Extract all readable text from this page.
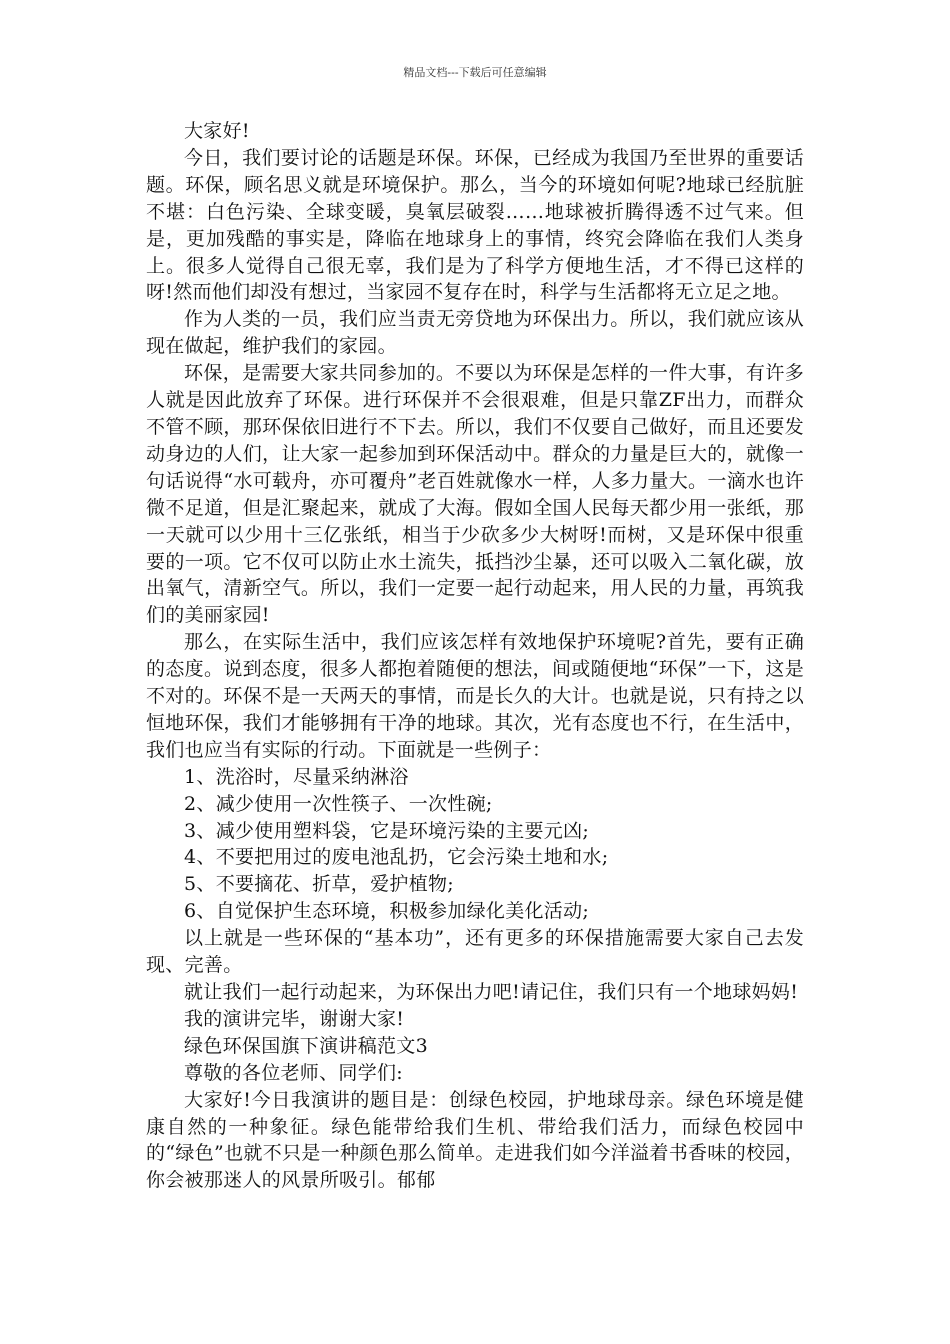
精品文档---下载后可任意编辑

大家好!

今日，我们要讨论的话题是环保。环保，已经成为我国乃至世界的重要话题。环保，顾名思义就是环境保护。那么，当今的环境如何呢?地球已经肮脏不堪：白色污染、全球变暖，臭氧层破裂……地球被折腾得透不过气来。但是，更加残酷的事实是，降临在地球身上的事情，终究会降临在我们人类身上。很多人觉得自己很无辜，我们是为了科学方便地生活，才不得已这样的呀!然而他们却没有想过，当家园不复存在时，科学与生活都将无立足之地。

作为人类的一员，我们应当责无旁贷地为环保出力。所以，我们就应该从现在做起，维护我们的家园。

环保，是需要大家共同参加的。不要以为环保是怎样的一件大事，有许多人就是因此放弃了环保。进行环保并不会很艰难，但是只靠ZF出力，而群众不管不顾，那环保依旧进行不下去。所以，我们不仅要自己做好，而且还要发动身边的人们，让大家一起参加到环保活动中。群众的力量是巨大的，就像一句话说得“水可载舟，亦可覆舟”老百姓就像水一样，人多力量大。一滴水也许微不足道，但是汇聚起来，就成了大海。假如全国人民每天都少用一张纸，那一天就可以少用十三亿张纸，相当于少砍多少大树呀!而树，又是环保中很重要的一项。它不仅可以防止水土流失，抵挡沙尘暴，还可以吸入二氧化碳，放出氧气，清新空气。所以，我们一定要一起行动起来，用人民的力量，再筑我们的美丽家园!

那么，在实际生活中，我们应该怎样有效地保护环境呢?首先，要有正确的态度。说到态度，很多人都抱着随便的想法，间或随便地“环保”一下，这是不对的。环保不是一天两天的事情，而是长久的大计。也就是说，只有持之以恒地环保，我们才能够拥有干净的地球。其次，光有态度也不行，在生活中，我们也应当有实际的行动。下面就是一些例子：

1、洗浴时，尽量采纳淋浴

2、减少使用一次性筷子、一次性碗;

3、减少使用塑料袋，它是环境污染的主要元凶;

4、不要把用过的废电池乱扔，它会污染土地和水;

5、不要摘花、折草，爱护植物;

6、自觉保护生态环境，积极参加绿化美化活动;

以上就是一些环保的“基本功”，还有更多的环保措施需要大家自己去发现、完善。

就让我们一起行动起来，为环保出力吧!请记住，我们只有一个地球妈妈!

我的演讲完毕，谢谢大家!

绿色环保国旗下演讲稿范文3

尊敬的各位老师、同学们:

大家好!今日我演讲的题目是：创绿色校园，护地球母亲。绿色环境是健康自然的一种象征。绿色能带给我们生机、带给我们活力，而绿色校园中的“绿色”也就不只是一种颜色那么简单。走进我们如今洋溢着书香味的校园，你会被那迷人的风景所吸引。郁郁
